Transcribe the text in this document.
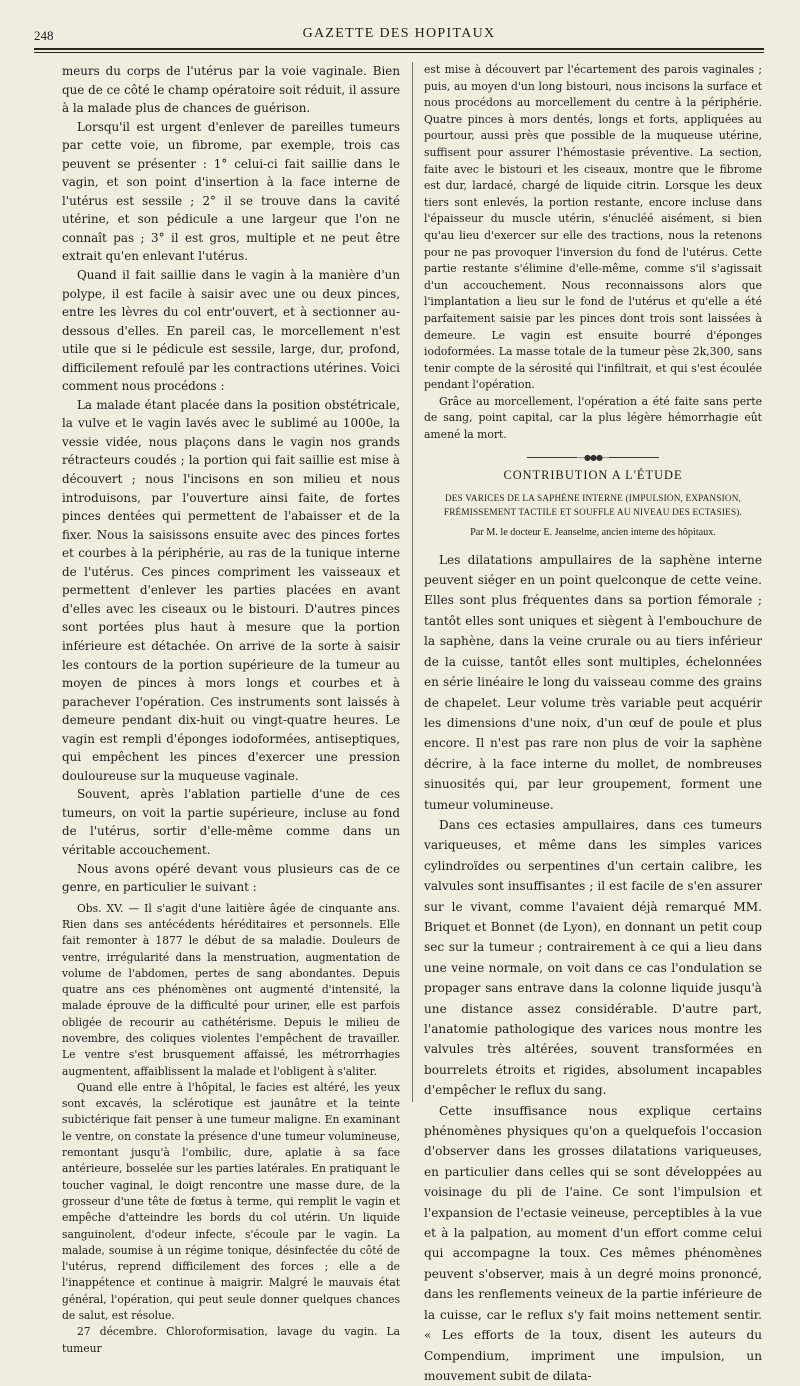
248	GAZETTE DES HOPITAUX

meurs du corps de l'utérus par la voie vaginale. Bien que de ce côté le champ opératoire soit réduit, il assure à la malade plus de chances de guérison.

Lorsqu'il est urgent d'enlever de pareilles tumeurs par cette voie, un fibrome, par exemple, trois cas peuvent se présenter : 1° celui-ci fait saillie dans le vagin, et son point d'insertion à la face interne de l'utérus est sessile ; 2° il se trouve dans la cavité utérine, et son pédicule a une largeur que l'on ne connaît pas ; 3° il est gros, multiple et ne peut être extrait qu'en enlevant l'utérus.

Quand il fait saillie dans le vagin à la manière d'un polype, il est facile à saisir avec une ou deux pinces, entre les lèvres du col entr'ouvert, et à sectionner au-dessous d'elles. En pareil cas, le morcellement n'est utile que si le pédicule est sessile, large, dur, profond, difficilement refoulé par les contractions utérines. Voici comment nous procédons :

La malade étant placée dans la position obstétricale, la vulve et le vagin lavés avec le sublimé au 1000e, la vessie vidée, nous plaçons dans le vagin nos grands rétracteurs coudés ; la portion qui fait saillie est mise à découvert ; nous l'incisons en son milieu et nous introduisons, par l'ouverture ainsi faite, de fortes pinces dentées qui permettent de l'abaisser et de la fixer. Nous la saisissons ensuite avec des pinces fortes et courbes à la périphérie, au ras de la tunique interne de l'utérus. Ces pinces compriment les vaisseaux et permettent d'enlever les parties placées en avant d'elles avec les ciseaux ou le bistouri. D'autres pinces sont portées plus haut à mesure que la portion inférieure est détachée. On arrive de la sorte à saisir les contours de la portion supérieure de la tumeur au moyen de pinces à mors longs et courbes et à parachever l'opération. Ces instruments sont laissés à demeure pendant dix-huit ou vingt-quatre heures. Le vagin est rempli d'éponges iodoformées, antiseptiques, qui empêchent les pinces d'exercer une pression douloureuse sur la muqueuse vaginale.

Souvent, après l'ablation partielle d'une de ces tumeurs, on voit la partie supérieure, incluse au fond de l'utérus, sortir d'elle-même comme dans un véritable accouchement.

Nous avons opéré devant vous plusieurs cas de ce genre, en particulier le suivant :

Obs. XV. — Il s'agit d'une laitière âgée de cinquante ans. Rien dans ses antécédents héréditaires et personnels. Elle fait remonter à 1877 le début de sa maladie. Douleurs de ventre, irrégularité dans la menstruation, augmentation de volume de l'abdomen, pertes de sang abondantes. Depuis quatre ans ces phénomènes ont augmenté d'intensité, la malade éprouve de la difficulté pour uriner, elle est parfois obligée de recourir au cathétérisme. Depuis le milieu de novembre, des coliques violentes l'empêchent de travailler. Le ventre s'est brusquement affaissé, les métrorrhagies augmentent, affaiblissent la malade et l'obligent à s'aliter.

Quand elle entre à l'hôpital, le facies est altéré, les yeux sont excavés, la sclérotique est jaunâtre et la teinte subictérique fait penser à une tumeur maligne. En examinant le ventre, on constate la présence d'une tumeur volumineuse, remontant jusqu'à l'ombilic, dure, aplatie à sa face antérieure, bosselée sur les parties latérales. En pratiquant le toucher vaginal, le doigt rencontre une masse dure, de la grosseur d'une tête de fœtus à terme, qui remplit le vagin et empêche d'atteindre les bords du col utérin. Un liquide sanguinolent, d'odeur infecte, s'écoule par le vagin. La malade, soumise à un régime tonique, désinfectée du côté de l'utérus, reprend difficilement des forces ; elle a de l'inappétence et continue à maigrir. Malgré le mauvais état général, l'opération, qui peut seule donner quelques chances de salut, est résolue.

27 décembre. Chloroformisation, lavage du vagin. La tumeur

est mise à découvert par l'écartement des parois vaginales ; puis, au moyen d'un long bistouri, nous incisons la surface et nous procédons au morcellement du centre à la périphérie. Quatre pinces à mors dentés, longs et forts, appliquées au pourtour, aussi près que possible de la muqueuse utérine, suffisent pour assurer l'hémostasie préventive. La section, faite avec le bistouri et les ciseaux, montre que le fibrome est dur, lardacé, chargé de liquide citrin. Lorsque les deux tiers sont enlevés, la portion restante, encore incluse dans l'épaisseur du muscle utérin, s'énucléé aisément, si bien qu'au lieu d'exercer sur elle des tractions, nous la retenons pour ne pas provoquer l'inversion du fond de l'utérus. Cette partie restante s'élimine d'elle-même, comme s'il s'agissait d'un accouchement. Nous reconnaissons alors que l'implantation a lieu sur le fond de l'utérus et qu'elle a été parfaitement saisie par les pinces dont trois sont laissées à demeure. Le vagin est ensuite bourré d'éponges iodoformées. La masse totale de la tumeur pèse 2k,300, sans tenir compte de la sérosité qui l'infiltrait, et qui s'est écoulée pendant l'opération.

Grâce au morcellement, l'opération a été faite sans perte de sang, point capital, car la plus légère hémorrhagie eût amené la mort.

—●●●—
CONTRIBUTION A L'ÉTUDE
DES VARICES DE LA SAPHÈNE INTERNE (IMPULSION, EXPANSION, FRÉMISSEMENT TACTILE ET SOUFFLE AU NIVEAU DES ECTASIES).
Par M. le docteur E. Jeanselme, ancien interne des hôpitaux.

Les dilatations ampullaires de la saphène interne peuvent siéger en un point quelconque de cette veine. Elles sont plus fréquentes dans sa portion fémorale ; tantôt elles sont uniques et siègent à l'embouchure de la saphène, dans la veine crurale ou au tiers inférieur de la cuisse, tantôt elles sont multiples, échelonnées en série linéaire le long du vaisseau comme des grains de chapelet. Leur volume très variable peut acquérir les dimensions d'une noix, d'un œuf de poule et plus encore. Il n'est pas rare non plus de voir la saphène décrire, à la face interne du mollet, de nombreuses sinuosités qui, par leur groupement, forment une tumeur volumineuse.

Dans ces ectasies ampullaires, dans ces tumeurs variqueuses, et même dans les simples varices cylindroïdes ou serpentines d'un certain calibre, les valvules sont insuffisantes ; il est facile de s'en assurer sur le vivant, comme l'avaient déjà remarqué MM. Briquet et Bonnet (de Lyon), en donnant un petit coup sec sur la tumeur ; contrairement à ce qui a lieu dans une veine normale, on voit dans ce cas l'ondulation se propager sans entrave dans la colonne liquide jusqu'à une distance assez considérable. D'autre part, l'anatomie pathologique des varices nous montre les valvules très altérées, souvent transformées en bourrelets étroits et rigides, absolument incapables d'empêcher le reflux du sang.

Cette insuffisance nous explique certains phénomènes physiques qu'on a quelquefois l'occasion d'observer dans les grosses dilatations variqueuses, en particulier dans celles qui se sont développées au voisinage du pli de l'aine. Ce sont l'impulsion et l'expansion de l'ectasie veineuse, perceptibles à la vue et à la palpation, au moment d'un effort comme celui qui accompagne la toux. Ces mêmes phénomènes peuvent s'observer, mais à un degré moins prononcé, dans les renflements veineux de la partie inférieure de la cuisse, car le reflux s'y fait moins nettement sentir. « Les efforts de la toux, disent les auteurs du Compendium, impriment une impulsion, un mouvement subit de dilata-
